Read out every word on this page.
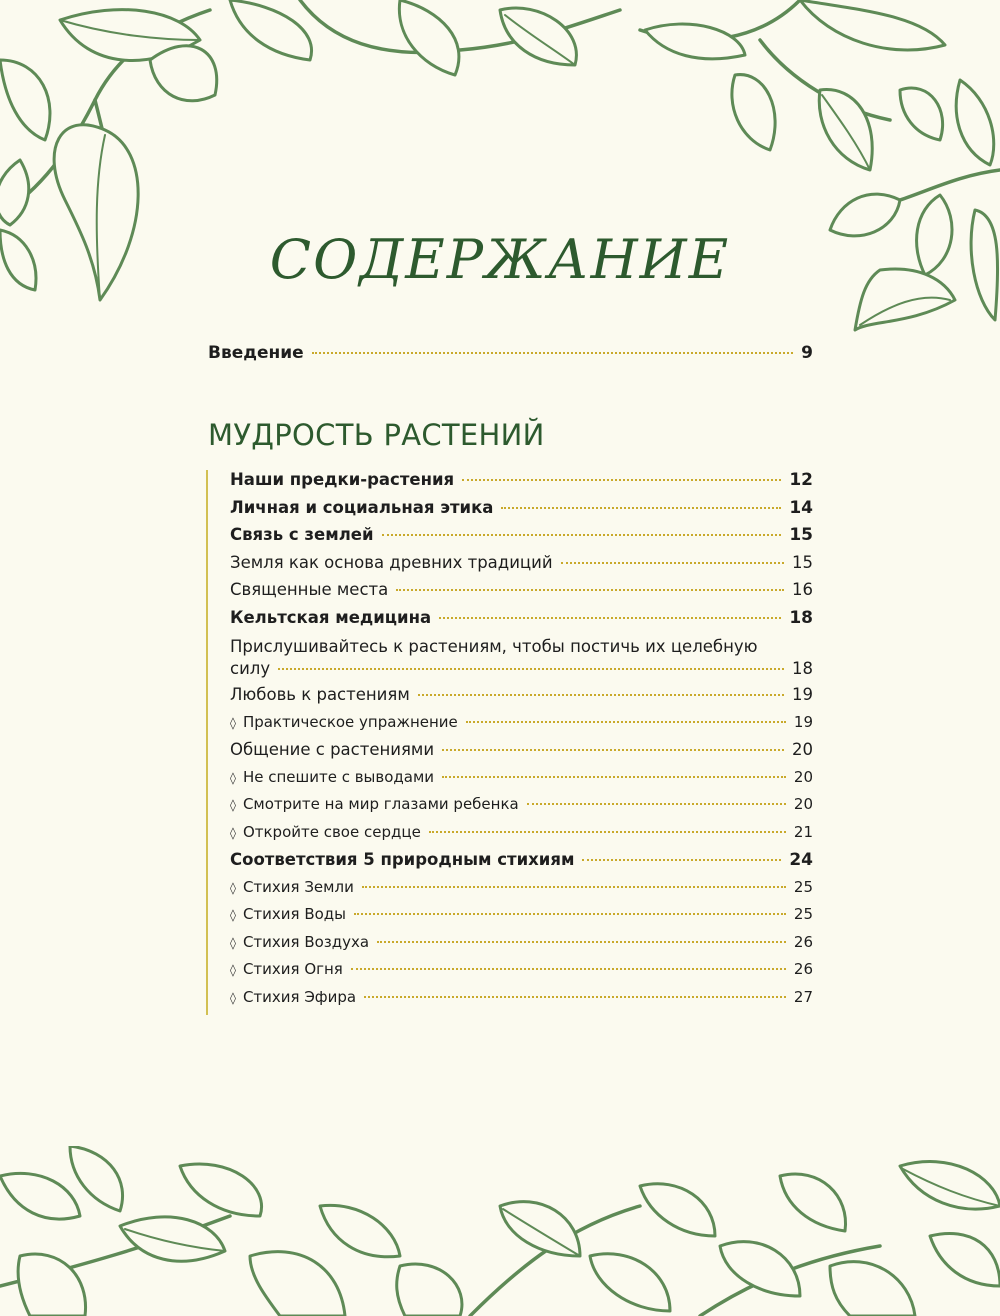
СОДЕРЖАНИЕ
Введение	9
МУДРОСТЬ РАСТЕНИЙ
Наши предки-растения	12
Личная и социальная этика	14
Связь с землей	15
Земля как основа древних традиций	15
Священные места	16
Кельтская медицина	18
Прислушивайтесь к растениям, чтобы постичь их целебную
силу	18
Любовь к растениям	19
◊ Практическое упражнение	19
Общение с растениями	20
◊ Не спешите с выводами	20
◊ Смотрите на мир глазами ребенка	20
◊ Откройте свое сердце	21
Соответствия 5 природным стихиям	24
◊ Стихия Земли	25
◊ Стихия Воды	25
◊ Стихия Воздуха	26
◊ Стихия Огня	26
◊ Стихия Эфира	27
